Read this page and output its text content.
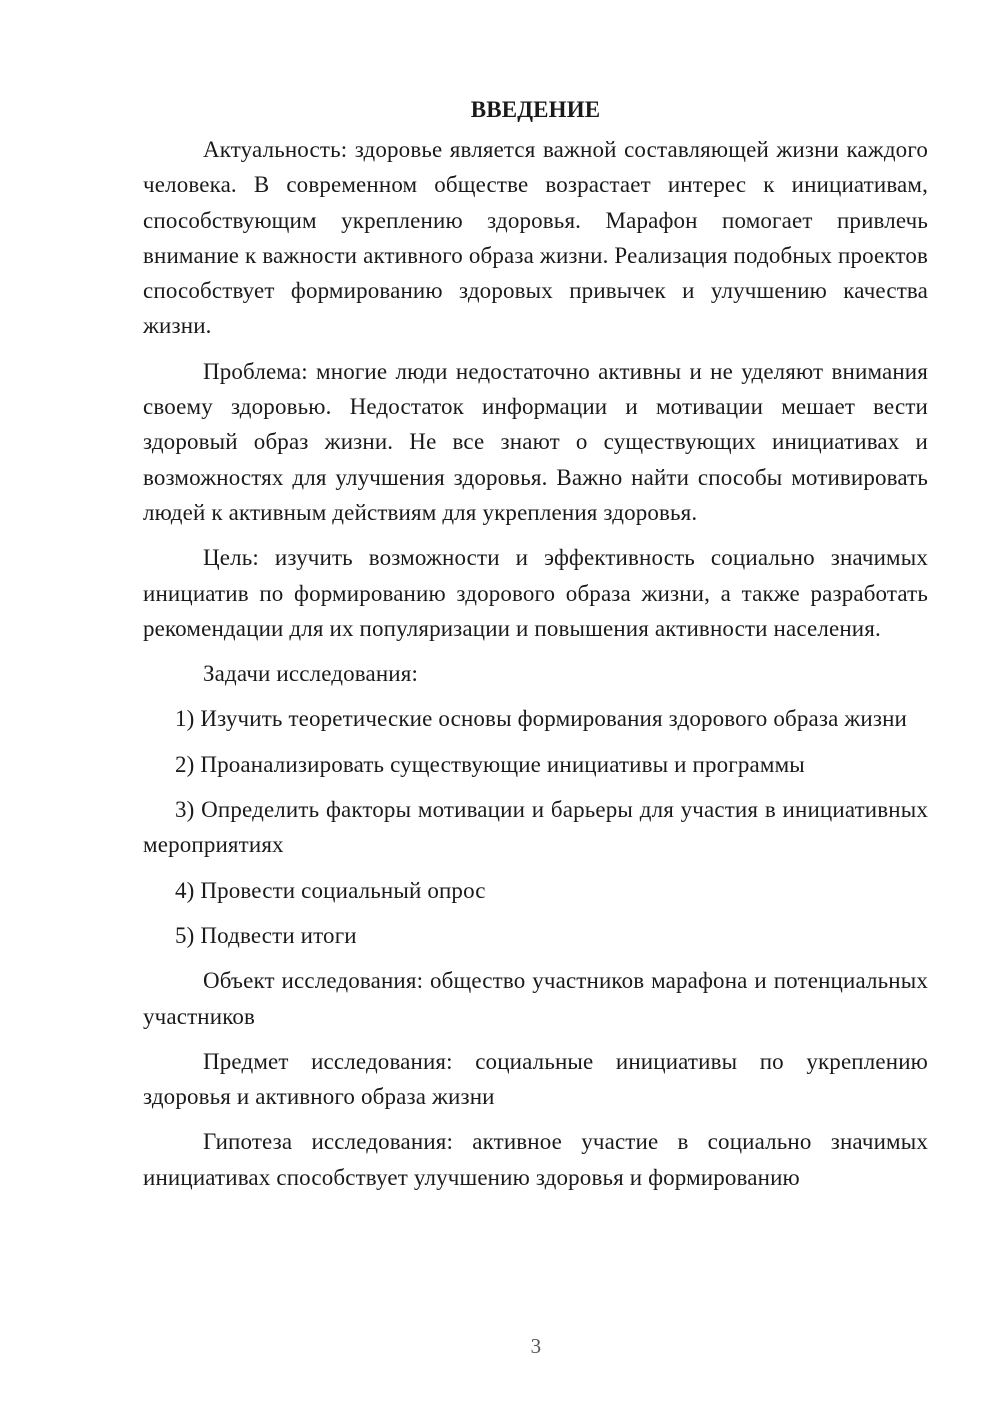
ВВЕДЕНИЕ

Актуальность: здоровье является важной составляющей жизни каждого человека. В современном обществе возрастает интерес к инициативам, способствующим укреплению здоровья. Марафон помогает привлечь внимание к важности активного образа жизни. Реализация подобных проектов способствует формированию здоровых привычек и улучшению качества жизни.

Проблема: многие люди недостаточно активны и не уделяют внимания своему здоровью. Недостаток информации и мотивации мешает вести здоровый образ жизни. Не все знают о существующих инициативах и возможностях для улучшения здоровья. Важно найти способы мотивировать людей к активным действиям для укрепления здоровья.

Цель: изучить возможности и эффективность социально значимых инициатив по формированию здорового образа жизни, а также разработать рекомендации для их популяризации и повышения активности населения.

Задачи исследования:

1) Изучить теоретические основы формирования здорового образа жизни

2) Проанализировать существующие инициативы и программы

3) Определить факторы мотивации и барьеры для участия в инициативных мероприятиях

4) Провести социальный опрос

5) Подвести итоги

Объект исследования: общество участников марафона и потенциальных участников

Предмет исследования: социальные инициативы по укреплению здоровья и активного образа жизни

Гипотеза исследования: активное участие в социально значимых инициативах способствует улучшению здоровья и формированию

3
